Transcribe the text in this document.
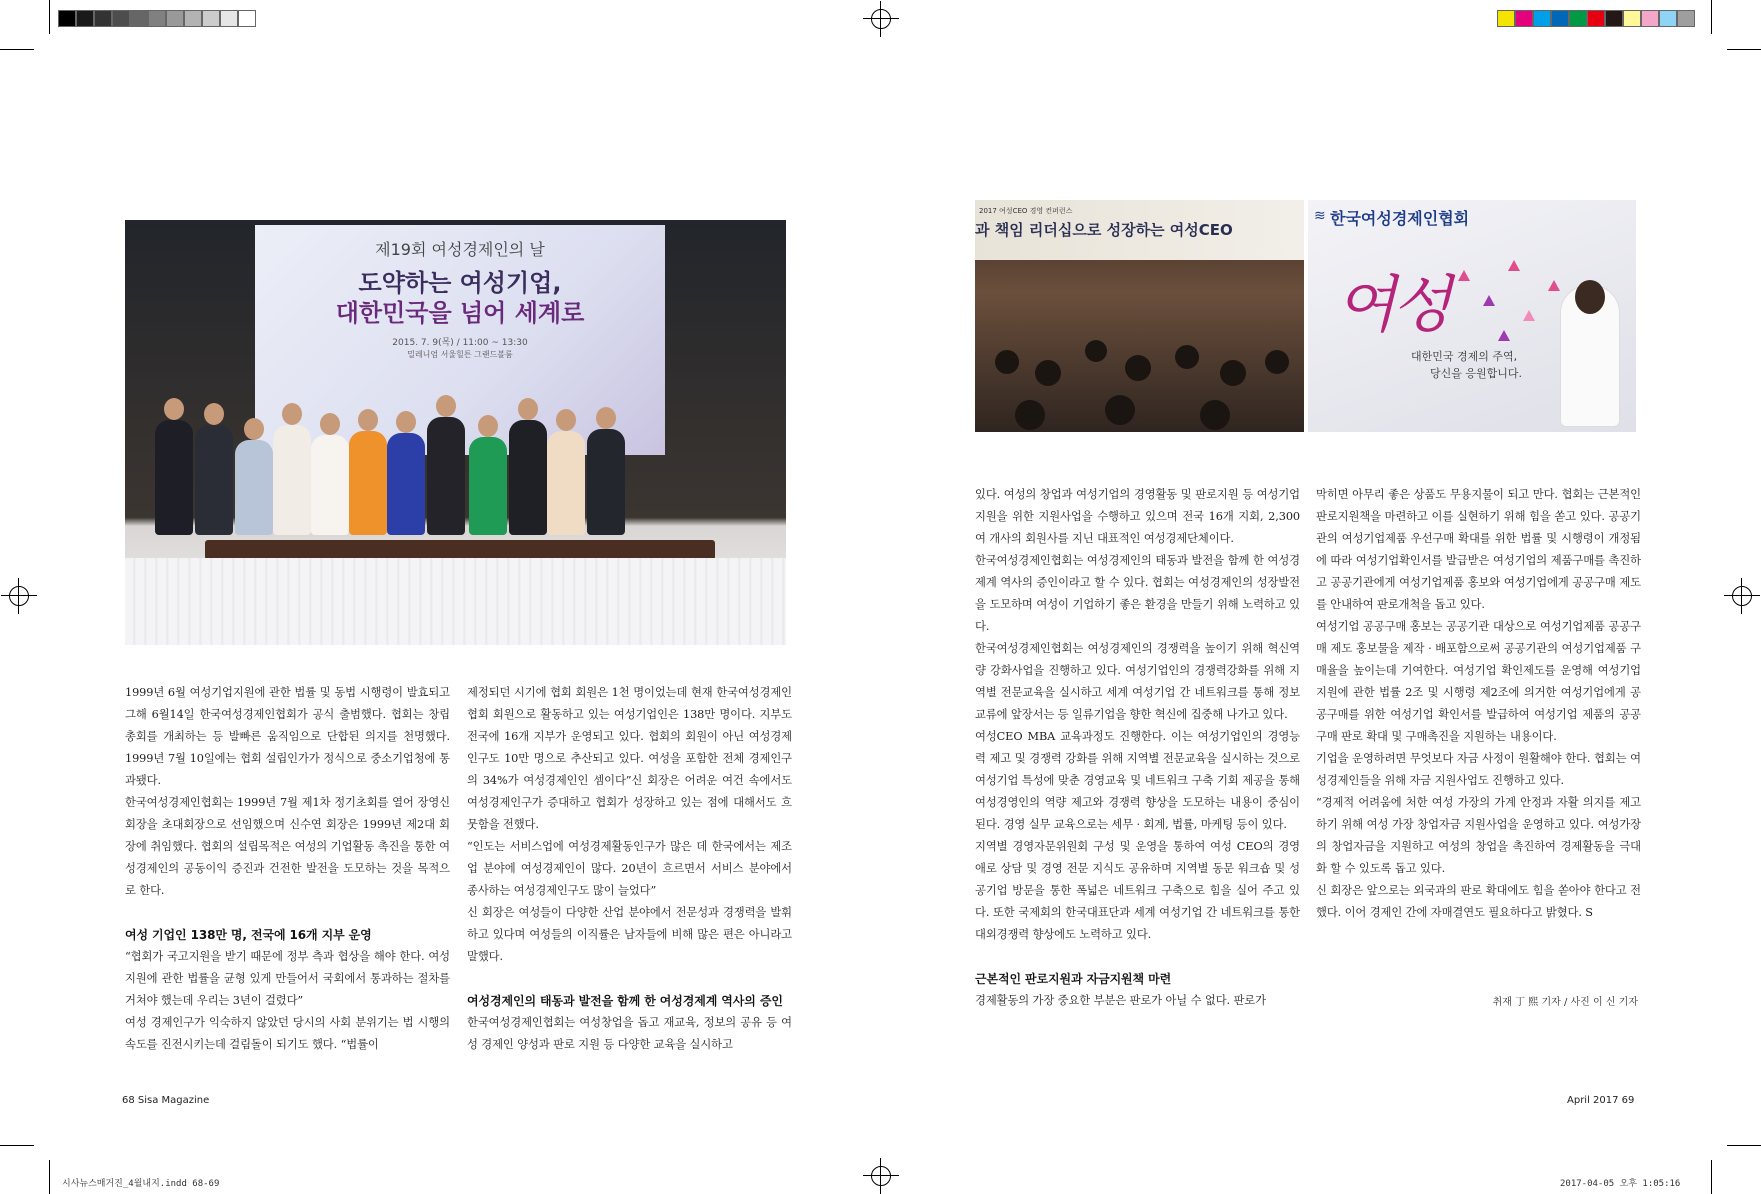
제19회 여성경제인의 날
도약하는 여성기업,
대한민국을 넘어 세계로
2015. 7. 9(목) / 11:00 ~ 13:30
밀레니엄 서울힐튼 그랜드볼룸
2017 여성CEO 경영 컨퍼런스
과 책임 리더십으로 성장하는 여성CEO
≋ 한국여성경제인협회
여성
대한민국 경제의 주역,
당신을 응원합니다.

1999년 6월 여성기업지원에 관한 법률 및 동법 시행령이 발효되고 그해 6월14일 한국여성경제인협회가 공식 출범했다. 협회는 창립총회를 개최하는 등 발빠른 움직임으로 단합된 의지를 천명했다. 1999년 7월 10일에는 협회 설립인가가 정식으로 중소기업청에 통과됐다.

한국여성경제인협회는 1999년 7월 제1차 정기초회를 열어 장영신 회장을 초대회장으로 선임했으며 신수연 회장은 1999년 제2대 회장에 취임했다. 협회의 설립목적은 여성의 기업활동 촉진을 통한 여성경제인의 공동이익 증진과 건전한 발전을 도모하는 것을 목적으로 한다.

여성 기업인 138만 명, 전국에 16개 지부 운영

“협회가 국고지원을 받기 때문에 정부 측과 협상을 해야 한다. 여성지원에 관한 법률을 균형 있게 만들어서 국회에서 통과하는 절차를 거쳐야 했는데 우리는 3년이 걸렸다”

여성 경제인구가 익숙하지 않았던 당시의 사회 분위기는 법 시행의 속도를 진전시키는데 걸림돌이 되기도 했다. “법률이

제정되던 시기에 협회 회원은 1천 명이었는데 현재 한국여성경제인협회 회원으로 활동하고 있는 여성기업인은 138만 명이다. 지부도 전국에 16개 지부가 운영되고 있다. 협회의 회원이 아닌 여성경제인구도 10만 명으로 추산되고 있다. 여성을 포함한 전체 경제인구의 34%가 여성경제인인 셈이다”신 회장은 어려운 여건 속에서도 여성경제인구가 증대하고 협회가 성장하고 있는 점에 대해서도 흐뭇함을 전했다.

“인도는 서비스업에 여성경제활동인구가 많은 데 한국에서는 제조업 분야에 여성경제인이 많다. 20년이 흐르면서 서비스 분야에서 종사하는 여성경제인구도 많이 늘었다”

신 회장은 여성들이 다양한 산업 분야에서 전문성과 경쟁력을 발휘하고 있다며 여성들의 이직률은 남자들에 비해 많은 편은 아니라고 말했다.

여성경제인의 태동과 발전을 함께 한 여성경제계 역사의 증인

한국여성경제인협회는 여성창업을 돕고 재교육, 정보의 공유 등 여성 경제인 양성과 판로 지원 등 다양한 교육을 실시하고

있다. 여성의 창업과 여성기업의 경영활동 및 판로지원 등 여성기업 지원을 위한 지원사업을 수행하고 있으며 전국 16개 지회, 2,300여 개사의 회원사를 지닌 대표적인 여성경제단체이다.

한국여성경제인협회는 여성경제인의 태동과 발전을 함께 한 여성경제계 역사의 증인이라고 할 수 있다. 협회는 여성경제인의 성장발전을 도모하며 여성이 기업하기 좋은 환경을 만들기 위해 노력하고 있다.

한국여성경제인협회는 여성경제인의 경쟁력을 높이기 위해 혁신역량 강화사업을 진행하고 있다. 여성기업인의 경쟁력강화를 위해 지역별 전문교육을 실시하고 세계 여성기업 간 네트워크를 통해 정보교류에 앞장서는 등 일류기업을 향한 혁신에 집중해 나가고 있다.

여성CEO MBA 교육과정도 진행한다. 이는 여성기업인의 경영능력 제고 및 경쟁력 강화를 위해 지역별 전문교육을 실시하는 것으로 여성기업 특성에 맞춘 경영교육 및 네트워크 구축 기회 제공을 통해 여성경영인의 역량 제고와 경쟁력 향상을 도모하는 내용이 중심이된다. 경영 실무 교육으로는 세무 · 회계, 법률, 마케팅 등이 있다.

지역별 경영자문위원회 구성 및 운영을 통하여 여성 CEO의 경영 애로 상담 및 경영 전문 지식도 공유하며 지역별 동문 워크숍 및 성공기업 방문을 통한 폭넓은 네트워크 구축으로 힘을 실어 주고 있다. 또한 국제회의 한국대표단과 세계 여성기업 간 네트워크를 통한 대외경쟁력 향상에도 노력하고 있다.

근본적인 판로지원과 자금지원책 마련

경제활동의 가장 중요한 부분은 판로가 아닐 수 없다. 판로가

막히면 아무리 좋은 상품도 무용지물이 되고 만다. 협회는 근본적인 판로지원책을 마련하고 이를 실현하기 위해 힘을 쏟고 있다. 공공기관의 여성기업제품 우선구매 확대를 위한 법률 및 시행령이 개정됨에 따라 여성기업확인서를 발급받은 여성기업의 제품구매를 촉진하고 공공기관에게 여성기업제품 홍보와 여성기업에게 공공구매 제도를 안내하여 판로개척을 돕고 있다.

여성기업 공공구매 홍보는 공공기관 대상으로 여성기업제품 공공구매 제도 홍보물을 제작 · 배포함으로써 공공기관의 여성기업제품 구매율을 높이는데 기여한다. 여성기업 확인제도를 운영해 여성기업지원에 관한 법률 2조 및 시행령 제2조에 의거한 여성기업에게 공공구매를 위한 여성기업 확인서를 발급하여 여성기업 제품의 공공구매 판로 확대 및 구매촉진을 지원하는 내용이다.

기업을 운영하려면 무엇보다 자금 사정이 원활해야 한다. 협회는 여성경제인들을 위해 자금 지원사업도 진행하고 있다.

“경제적 어려움에 처한 여성 가장의 가계 안정과 자활 의지를 제고하기 위해 여성 가장 창업자금 지원사업을 운영하고 있다. 여성가장의 창업자금을 지원하고 여성의 창업을 촉진하여 경제활동을 극대화 할 수 있도록 돕고 있다.

신 회장은 앞으로는 외국과의 판로 확대에도 힘을 쏟아야 한다고 전했다. 이어 경제인 간에 자매결연도 필요하다고 밝혔다. S

취재 丁 熙 기자 / 사진 이 신 기자
68 Sisa Magazine	April 2017 69
시사뉴스매거진_4월내지.indd 68-69	2017-04-05 오후 1:05:16
